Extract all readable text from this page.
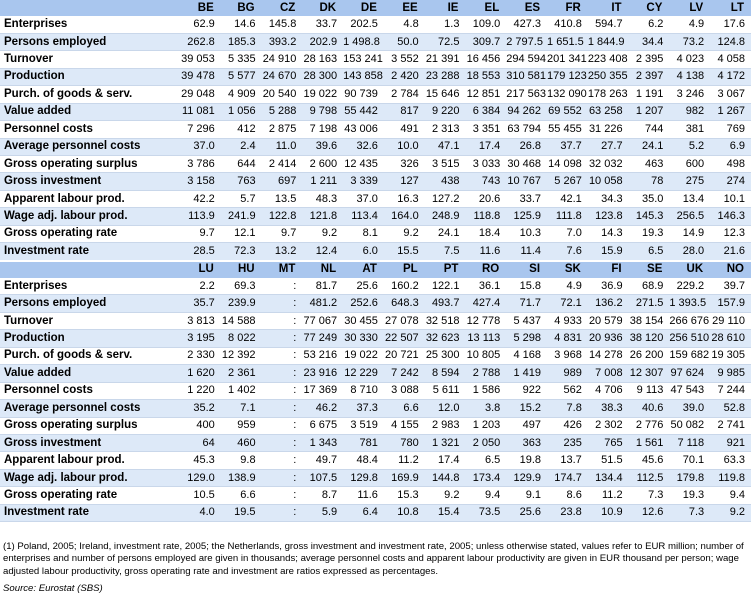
	BE	BG	CZ	DK	DE	EE	IE	EL	ES	FR	IT	CY	LV	LT
Enterprises	62.9	14.6	145.8	33.7	202.5	4.8	1.3	109.0	427.3	410.8	594.7	6.2	4.9	17.6
Persons employed	262.8	185.3	393.2	202.9	1 498.8	50.0	72.5	309.7	2 797.5	1 651.5	1 844.9	34.4	73.2	124.8
Turnover	39 053	5 335	24 910	28 163	153 241	3 552	21 391	16 456	294 594	201 341	223 408	2 395	4 023	4 058
Production	39 478	5 577	24 670	28 300	143 858	2 420	23 288	18 553	310 581	179 123	250 355	2 397	4 138	4 172
Purch. of goods & serv.	29 048	4 909	20 540	19 022	90 739	2 784	15 646	12 851	217 563	132 090	178 263	1 191	3 246	3 067
Value added	11 081	1 056	5 288	9 798	55 442	817	9 220	6 384	94 262	69 552	63 258	1 207	982	1 267
Personnel costs	7 296	412	2 875	7 198	43 006	491	2 313	3 351	63 794	55 455	31 226	744	381	769
Average personnel costs	37.0	2.4	11.0	39.6	32.6	10.0	47.1	17.4	26.8	37.7	27.7	24.1	5.2	6.9
Gross operating surplus	3 786	644	2 414	2 600	12 435	326	3 515	3 033	30 468	14 098	32 032	463	600	498
Gross investment	3 158	763	697	1 211	3 339	127	438	743	10 767	5 267	10 058	78	275	274
Apparent labour prod.	42.2	5.7	13.5	48.3	37.0	16.3	127.2	20.6	33.7	42.1	34.3	35.0	13.4	10.1
Wage adj. labour prod.	113.9	241.9	122.8	121.8	113.4	164.0	248.9	118.8	125.9	111.8	123.8	145.3	256.5	146.3
Gross operating rate	9.7	12.1	9.7	9.2	8.1	9.2	24.1	18.4	10.3	7.0	14.3	19.3	14.9	12.3
Investment rate	28.5	72.3	13.2	12.4	6.0	15.5	7.5	11.6	11.4	7.6	15.9	6.5	28.0	21.6
	LU	HU	MT	NL	AT	PL	PT	RO	SI	SK	FI	SE	UK	NO
Enterprises	2.2	69.3	:	81.7	25.6	160.2	122.1	36.1	15.8	4.9	36.9	68.9	229.2	39.7
Persons employed	35.7	239.9	:	481.2	252.6	648.3	493.7	427.4	71.7	72.1	136.2	271.5	1 393.5	157.9
Turnover	3 813	14 588	:	77 067	30 455	27 078	32 518	12 778	5 437	4 933	20 579	38 154	266 676	29 110
Production	3 195	8 022	:	77 249	30 330	22 507	32 623	13 113	5 298	4 831	20 936	38 120	256 510	28 610
Purch. of goods & serv.	2 330	12 392	:	53 216	19 022	20 721	25 300	10 805	4 168	3 968	14 278	26 200	159 682	19 305
Value added	1 620	2 361	:	23 916	12 229	7 242	8 594	2 788	1 419	989	7 008	12 307	97 624	9 985
Personnel costs	1 220	1 402	:	17 369	8 710	3 088	5 611	1 586	922	562	4 706	9 113	47 543	7 244
Average personnel costs	35.2	7.1	:	46.2	37.3	6.6	12.0	3.8	15.2	7.8	38.3	40.6	39.0	52.8
Gross operating surplus	400	959	:	6 675	3 519	4 155	2 983	1 203	497	426	2 302	2 776	50 082	2 741
Gross investment	64	460	:	1 343	781	780	1 321	2 050	363	235	765	1 561	7 118	921
Apparent labour prod.	45.3	9.8	:	49.7	48.4	11.2	17.4	6.5	19.8	13.7	51.5	45.6	70.1	63.3
Wage adj. labour prod.	129.0	138.9	:	107.5	129.8	169.9	144.8	173.4	129.9	174.7	134.4	112.5	179.8	119.8
Gross operating rate	10.5	6.6	:	8.7	11.6	15.3	9.2	9.4	9.1	8.6	11.2	7.3	19.3	9.4
Investment rate	4.0	19.5	:	5.9	6.4	10.8	15.4	73.5	25.6	23.8	10.9	12.6	7.3	9.2
(1) Poland, 2005; Ireland, investment rate, 2005; the Netherlands, gross investment and investment rate, 2005; unless otherwise stated, values refer to EUR million; number of enterprises and number of persons employed are given in thousands; average personnel costs and apparent labour productivity are given in EUR thousand per person; wage adjusted labour productivity, gross operating rate and investment are ratios expressed as percentages.
Source: Eurostat (SBS)
